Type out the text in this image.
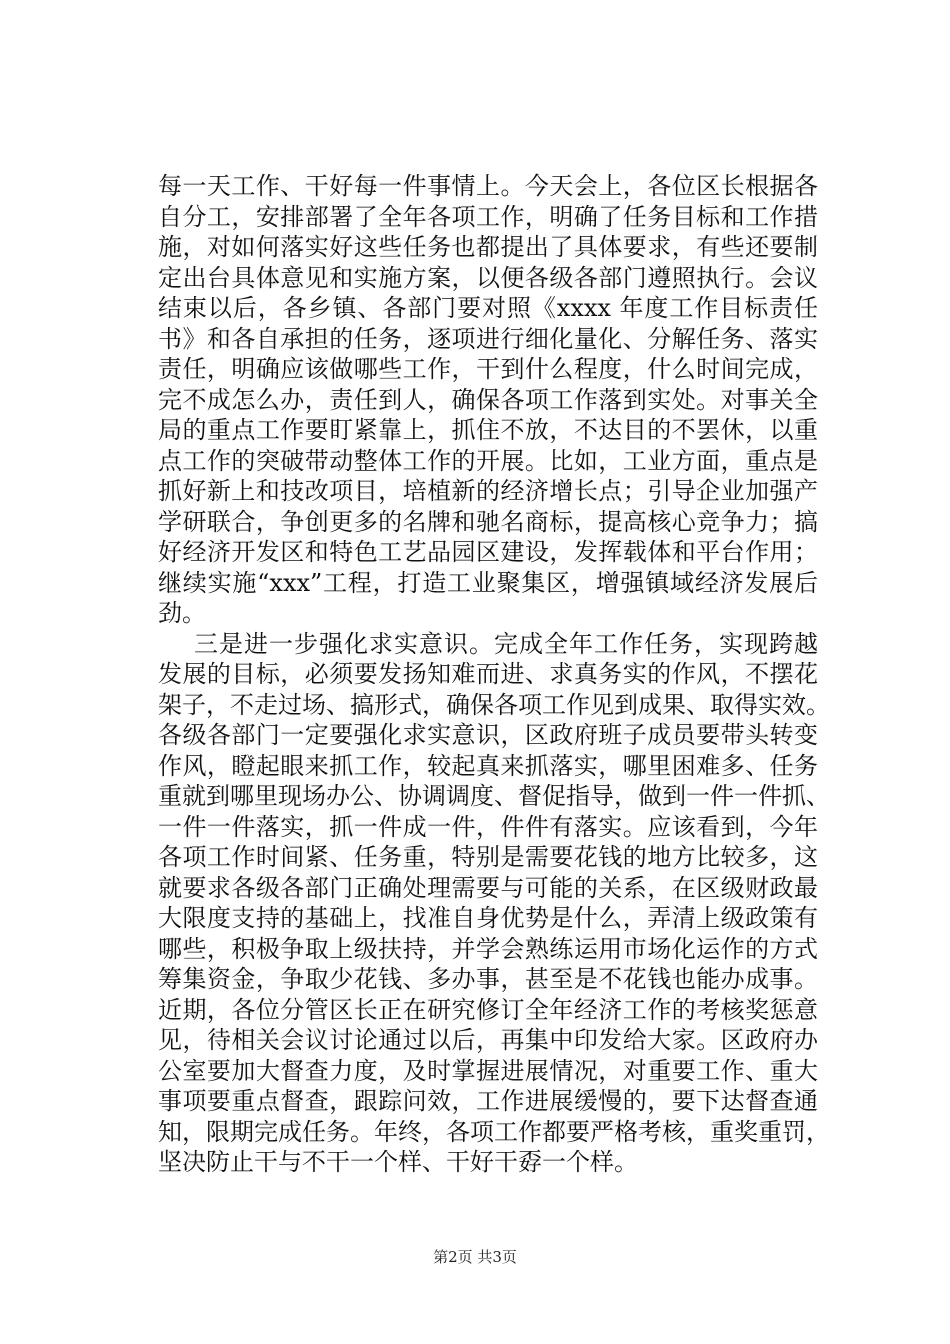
每一天工作、干好每一件事情上。今天会上，各位区长根据各
自分工，安排部署了全年各项工作，明确了任务目标和工作措
施，对如何落实好这些任务也都提出了具体要求，有些还要制
定出台具体意见和实施方案，以便各级各部门遵照执行。会议
结束以后，各乡镇、各部门要对照《xxxx 年度工作目标责任
书》和各自承担的任务，逐项进行细化量化、分解任务、落实
责任，明确应该做哪些工作，干到什么程度，什么时间完成，
完不成怎么办，责任到人，确保各项工作落到实处。对事关全
局的重点工作要盯紧靠上，抓住不放，不达目的不罢休，以重
点工作的突破带动整体工作的开展。比如，工业方面，重点是
抓好新上和技改项目，培植新的经济增长点；引导企业加强产
学研联合，争创更多的名牌和驰名商标，提高核心竞争力；搞
好经济开发区和特色工艺品园区建设，发挥载体和平台作用；
继续实施“xxx”工程，打造工业聚集区，增强镇域经济发展后
劲。
三是进一步强化求实意识。完成全年工作任务，实现跨越
发展的目标，必须要发扬知难而进、求真务实的作风，不摆花
架子，不走过场、搞形式，确保各项工作见到成果、取得实效。
各级各部门一定要强化求实意识，区政府班子成员要带头转变
作风，瞪起眼来抓工作，较起真来抓落实，哪里困难多、任务
重就到哪里现场办公、协调调度、督促指导，做到一件一件抓、
一件一件落实，抓一件成一件，件件有落实。应该看到，今年
各项工作时间紧、任务重，特别是需要花钱的地方比较多，这
就要求各级各部门正确处理需要与可能的关系，在区级财政最
大限度支持的基础上，找准自身优势是什么，弄清上级政策有
哪些，积极争取上级扶持，并学会熟练运用市场化运作的方式
筹集资金，争取少花钱、多办事，甚至是不花钱也能办成事。
近期，各位分管区长正在研究修订全年经济工作的考核奖惩意
见，待相关会议讨论通过以后，再集中印发给大家。区政府办
公室要加大督查力度，及时掌握进展情况，对重要工作、重大
事项要重点督查，跟踪问效，工作进展缓慢的，要下达督查通
知，限期完成任务。年终，各项工作都要严格考核，重奖重罚，
坚决防止干与不干一个样、干好干孬一个样。
第2页 共3页
